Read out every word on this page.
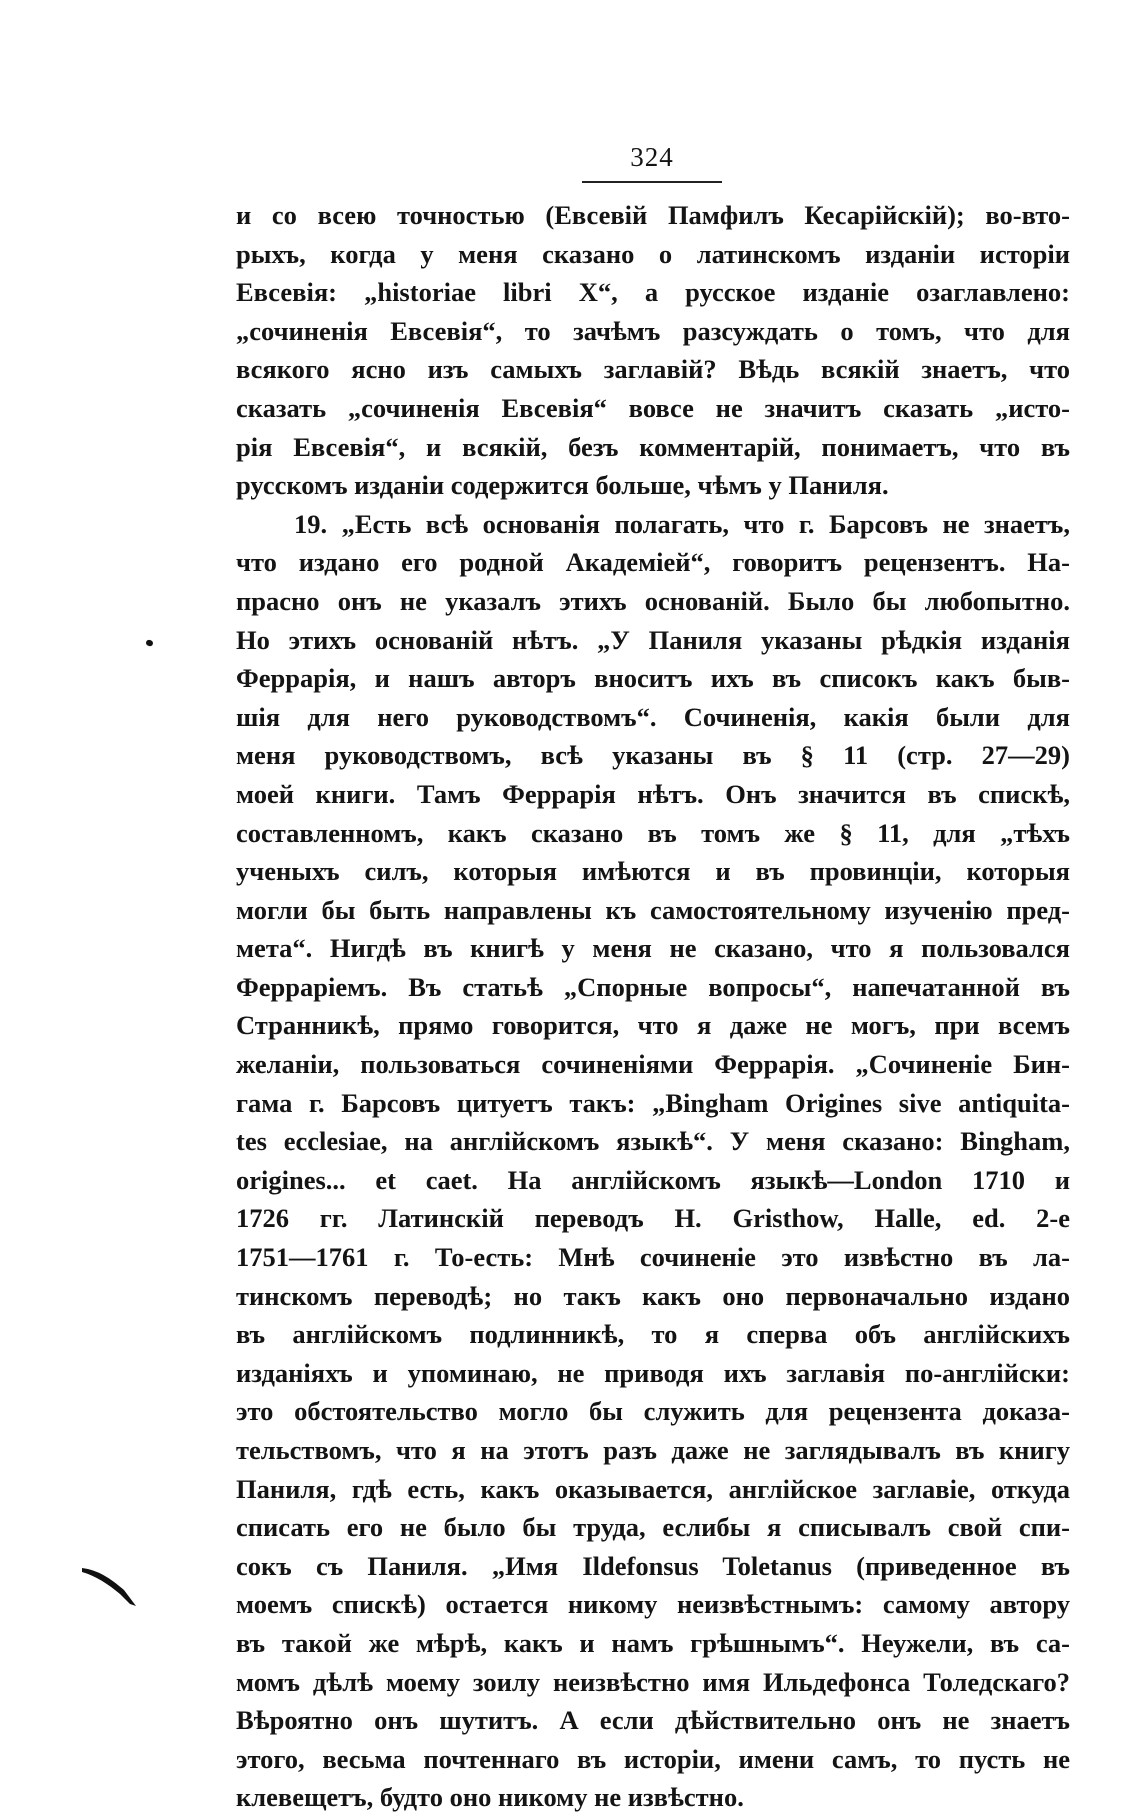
324
и со всею точностью (Евсевій Памфилъ Кесарійскій); во-вто-
рыхъ, когда у меня сказано о латинскомъ изданіи исторіи
Евсевія: „historiae libri X“, а русское изданіе озаглавлено:
„сочиненія Евсевія“, то зачѣмъ разсуждать о томъ, что для
всякого ясно изъ самыхъ заглавій? Вѣдь всякій знаетъ, что
сказать „сочиненія Евсевія“ вовсе не значитъ сказать „исто-
рія Евсевія“, и всякій, безъ комментарій, понимаетъ, что въ
русскомъ изданіи содержится больше, чѣмъ у Паниля.
19. „Есть всѣ основанія полагать, что г. Барсовъ не знаетъ,
что издано его родной Академіей“, говоритъ рецензентъ. На-
прасно онъ не указалъ этихъ основаній. Было бы любопытно.
Но этихъ основаній нѣтъ. „У Паниля указаны рѣдкія изданія
Феррарія, и нашъ авторъ вноситъ ихъ въ списокъ какъ быв-
шія для него руководствомъ“. Сочиненія, какія были для
меня руководствомъ, всѣ указаны въ § 11 (стр. 27—29)
моей книги. Тамъ Феррарія нѣтъ. Онъ значится въ спискѣ,
составленномъ, какъ сказано въ томъ же § 11, для „тѣхъ
ученыхъ силъ, которыя имѣются и въ провинціи, которыя
могли бы быть направлены къ самостоятельному изученію пред-
мета“. Нигдѣ въ книгѣ у меня не сказано, что я пользовался
Феррарiемъ. Въ статьѣ „Спорные вопросы“, напечатанной въ
Странникѣ, прямо говорится, что я даже не могъ, при всемъ
желаніи, пользоваться сочиненіями Феррарія. „Сочиненіе Бин-
гама г. Барсовъ цитуетъ такъ: „Bingham Origines sive antiquita-
tes ecclesiae, на англійскомъ языкѣ“. У меня сказано: Bingham,
origines... et caet. На англійскомъ языкѣ—London 1710 и
1726 гг. Латинскій переводъ H. Gristhow, Halle, ed. 2-е
1751—1761 г. То-есть: Мнѣ сочиненіе это извѣстно въ ла-
тинскомъ переводѣ; но такъ какъ оно первоначально издано
въ англійскомъ подлинникѣ, то я сперва объ англійскихъ
изданіяхъ и упоминаю, не приводя ихъ заглавія по-англійски:
это обстоятельство могло бы служить для рецензента доказа-
тельствомъ, что я на этотъ разъ даже не заглядывалъ въ книгу
Паниля, гдѣ есть, какъ оказывается, англійское заглавіе, откуда
списать его не было бы труда, еслибы я списывалъ свой спи-
сокъ съ Паниля. „Имя Ildefonsus Toletanus (приведенное въ
моемъ спискѣ) остается никому неизвѣстнымъ: самому автору
въ такой же мѣрѣ, какъ и намъ грѣшнымъ“. Неужели, въ са-
момъ дѣлѣ моему зоилу неизвѣстно имя Ильдефонса Толедскаго?
Вѣроятно онъ шутитъ. А если дѣйствительно онъ не знаетъ
этого, весьма почтеннаго въ исторіи, имени самъ, то пусть не
клевещетъ, будто оно никому не извѣстно.
